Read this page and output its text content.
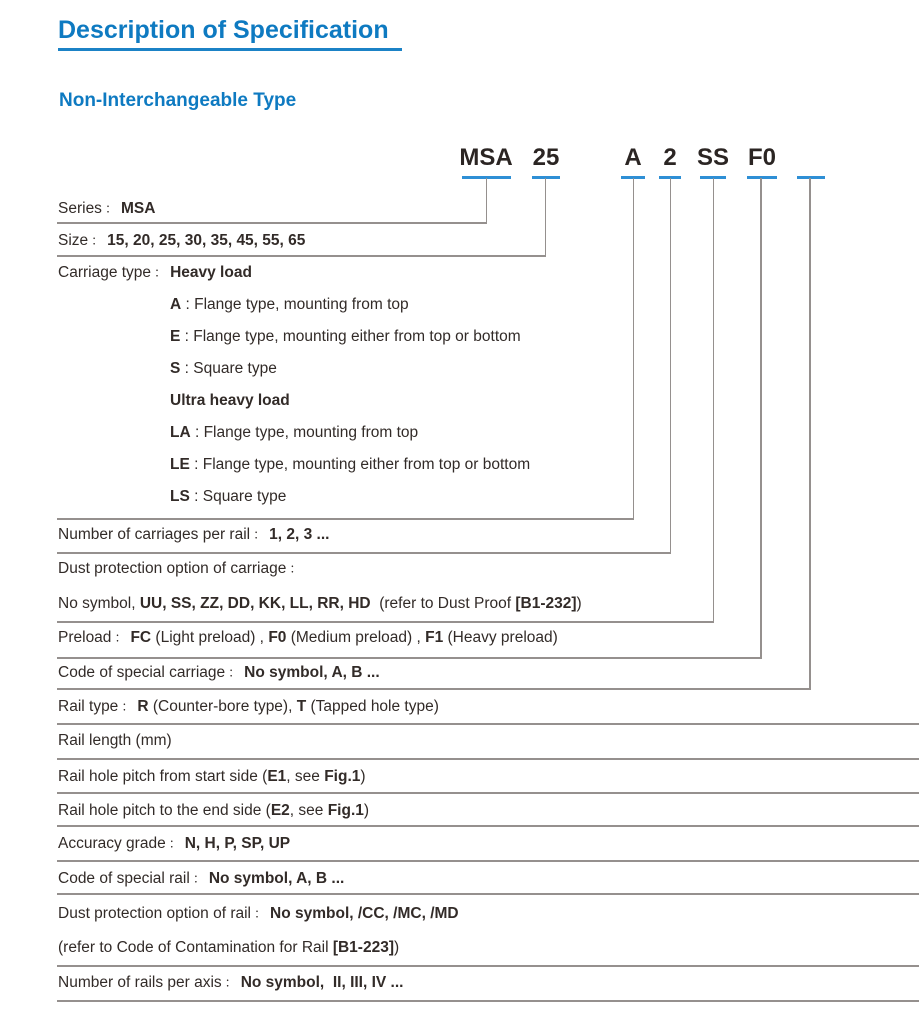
Description of Specification
Non-Interchangeable Type
MSA 25	A 2 SS F0
Series ： MSA
Size ： 15, 20, 25, 30, 35, 45, 55, 65
Carriage type ： Heavy load
A : Flange type, mounting from top
E : Flange type, mounting either from top or bottom
S : Square type
Ultra heavy load
LA : Flange type, mounting from top
LE : Flange type, mounting either from top or bottom
LS : Square type
Number of carriages per rail ： 1, 2, 3 ...
Dust protection option of carriage ：
No symbol, UU, SS, ZZ, DD, KK, LL, RR, HD  (refer to Dust Proof [B1-232])
Preload ： FC (Light preload) , F0 (Medium preload) , F1 (Heavy preload)
Code of special carriage ： No symbol, A, B ...
Rail type ： R (Counter-bore type), T (Tapped hole type)
Rail length (mm)
Rail hole pitch from start side (E1, see Fig.1)
Rail hole pitch to the end side (E2, see Fig.1)
Accuracy grade ： N, H, P, SP, UP
Code of special rail ： No symbol, A, B ...
Dust protection option of rail ： No symbol, /CC, /MC, /MD
(refer to Code of Contamination for Rail [B1-223])
Number of rails per axis ： No symbol,  II, III, IV ...
